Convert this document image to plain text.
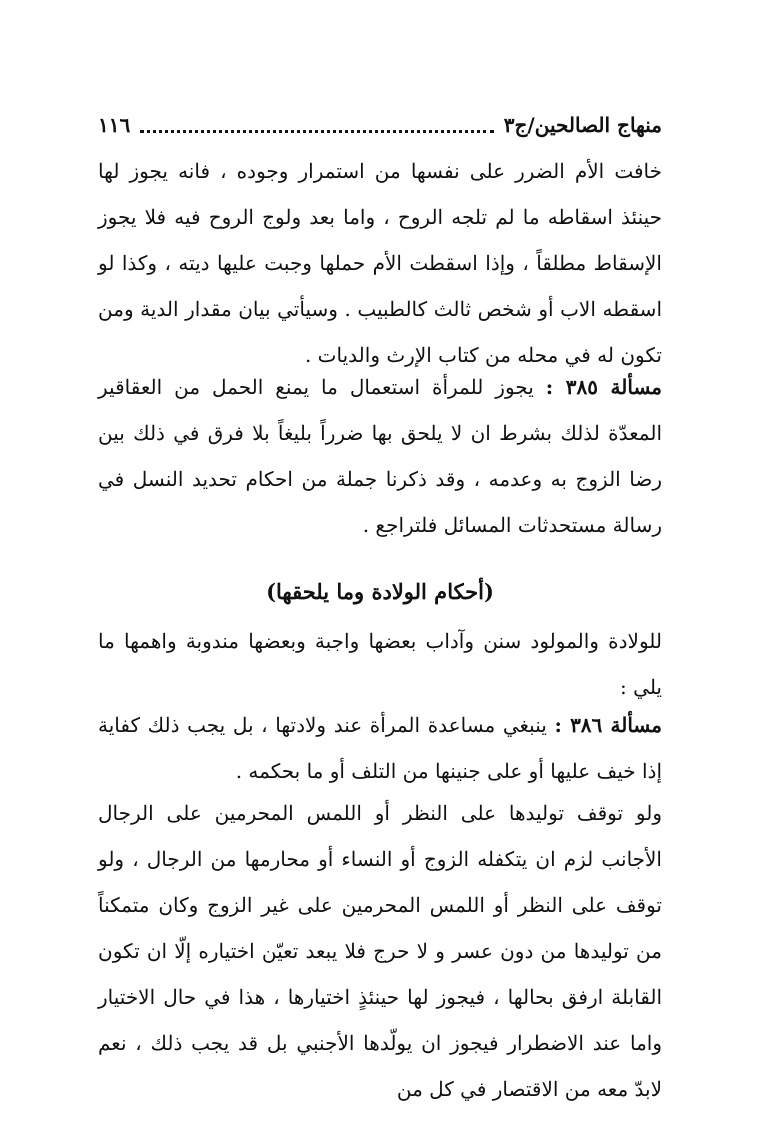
منهاج الصالحين/ج٣
١١٦

خافت الأم الضرر على نفسها من استمرار وجوده ، فانه يجوز لها حينئذ اسقاطه ما لم تلجه الروح ، واما بعد ولوج الروح فيه فلا يجوز الإسقاط مطلقاً ، وإذا اسقطت الأم حملها وجبت عليها ديته ، وكذا لو اسقطه الاب أو شخص ثالث كالطبيب . وسيأتي بيان مقدار الدية ومن تكون له في محله من كتاب الإرث والديات .

مسألة ٣٨٥ : يجوز للمرأة استعمال ما يمنع الحمل من العقاقير المعدّة لذلك بشرط ان لا يلحق بها ضرراً بليغاً بلا فرق في ذلك بين رضا الزوج به وعدمه ، وقد ذكرنا جملة من احكام تحديد النسل في رسالة مستحدثات المسائل فلتراجع .

(أحكام الولادة وما يلحقها)

للولادة والمولود سنن وآداب بعضها واجبة وبعضها مندوبة واهمها ما يلي :

مسألة ٣٨٦ : ينبغي مساعدة المرأة عند ولادتها ، بل يجب ذلك كفاية إذا خيف عليها أو على جنينها من التلف أو ما بحكمه .

ولو توقف توليدها على النظر أو اللمس المحرمين على الرجال الأجانب لزم ان يتكفله الزوج أو النساء أو محارمها من الرجال ، ولو توقف على النظر أو اللمس المحرمين على غير الزوج وكان متمكناً من توليدها من دون عسر و لا حرج فلا يبعد تعيّن اختياره إلّا ان تكون القابلة ارفق بحالها ، فيجوز لها حينئذٍ اختيارها ، هذا في حال الاختيار واما عند الاضطرار فيجوز ان يولّدها الأجنبي بل قد يجب ذلك ، نعم لابدّ معه من الاقتصار في كل من
